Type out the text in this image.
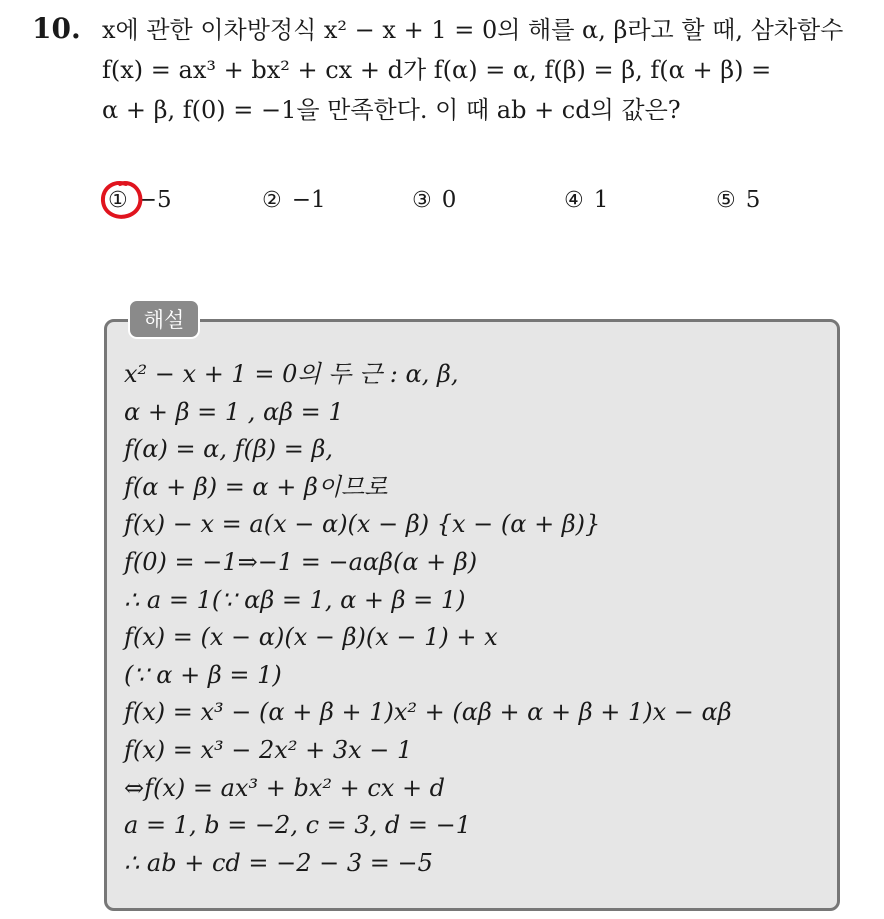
10. x에 관한 이차방정식 x² − x + 1 = 0의 해를 α, β라고 할 때, 삼차함수
f(x) = ax³ + bx² + cx + d가 f(α) = α, f(β) = β, f(α + β) =
α + β, f(0) = −1을 만족한다. 이 때 ab + cd의 값은?
① −5	② −1	③ 0	④ 1	⑤ 5
해설
x² − x + 1 = 0의 두 근 : α, β,
α + β = 1 , αβ = 1
f(α) = α, f(β) = β,
f(α + β) = α + β이므로
f(x) − x = a(x − α)(x − β) {x − (α + β)}
f(0) = −1⇒−1 = −aαβ(α + β)
∴ a = 1(∵ αβ = 1, α + β = 1)
f(x) = (x − α)(x − β)(x − 1) + x
(∵ α + β = 1)
f(x) = x³ − (α + β + 1)x² + (αβ + α + β + 1)x − αβ
f(x) = x³ − 2x² + 3x − 1
⇔f(x) = ax³ + bx² + cx + d
a = 1, b = −2, c = 3, d = −1
∴ ab + cd = −2 − 3 = −5
